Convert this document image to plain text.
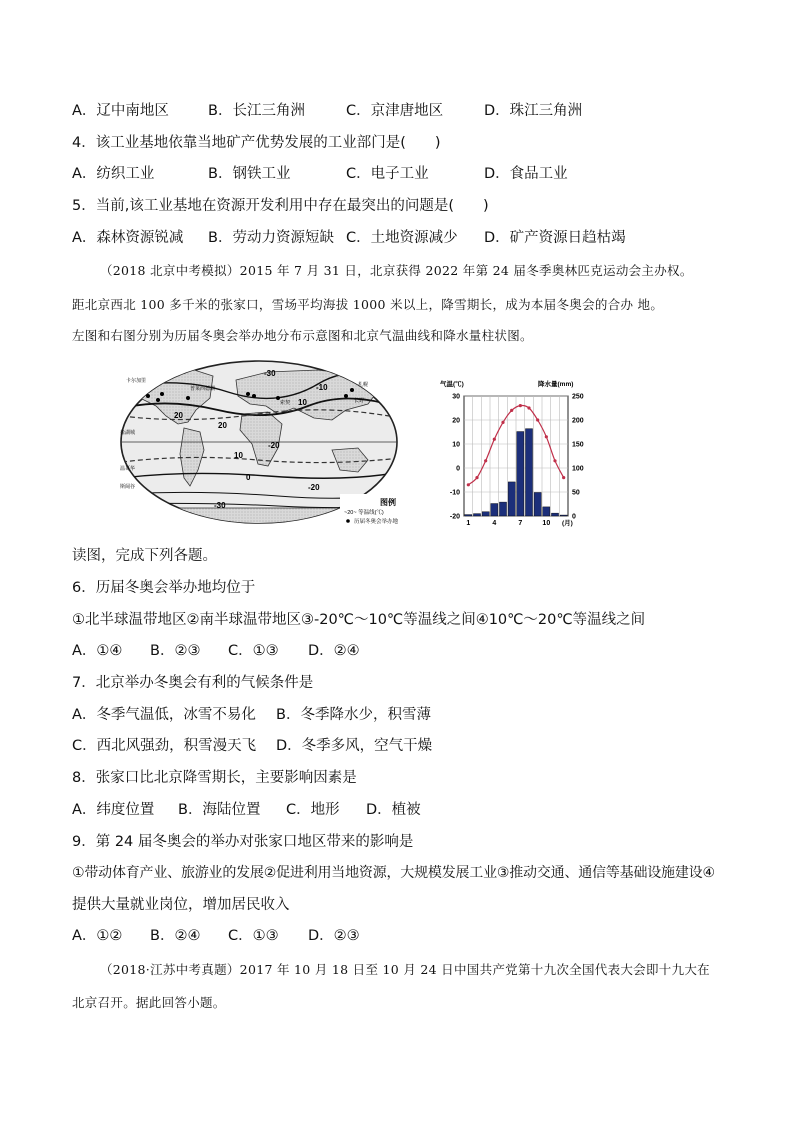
A．辽中南地区	B．长江三角洲	C．京津唐地区	D．珠江三角洲
4．该工业基地依靠当地矿产优势发展的工业部门是(　　)
A．纺织工业	B．钢铁工业	C．电子工业	D．食品工业
5．当前,该工业基地在资源开发利用中存在最突出的问题是(　　)
A．森林资源锐减 B．劳动力资源短缺 C．土地资源减少 D．矿产资源日趋枯竭
（2018 北京中考模拟）2015 年 7 月 31 日，北京获得 2022 年第 24 届冬季奥林匹克运动会主办权。
距北京西北 100 多千米的张家口，雪场平均海拔 1000 米以上，降雪期长，成为本届冬奥会的合办 地。
左图和右图分别为历届冬奥会举办地分布示意图和北京气温曲线和降水量柱状图。
-30
-10
10
20
10
0
-20
-30
-20
20
普莱西德湖
盐湖城
卡尔加里
索契	长野
札幌
温哥华
斯阔谷
图例
~20~ 等温线(℃)
历届冬奥会举办地
气温(℃)	降水量(mm)
30
20
10
0
-10
-20
250
200
150
100
50
0
1	4	7	10 (月)
读图，完成下列各题。
6．历届冬奥会举办地均位于
①北半球温带地区②南半球温带地区③-20℃～10℃等温线之间④10℃～20℃等温线之间
A．①④ B．②③ C．①③ D．②④
7．北京举办冬奥会有利的气候条件是
A．冬季气温低，冰雪不易化 B．冬季降水少，积雪薄
C．西北风强劲，积雪漫天飞 D．冬季多风，空气干燥
8．张家口比北京降雪期长，主要影响因素是
A．纬度位置 B．海陆位置 C．地形 D．植被
9．第 24 届冬奥会的举办对张家口地区带来的影响是
①带动体育产业、旅游业的发展②促进利用当地资源，大规模发展工业③推动交通、通信等基础设施建设④
提供大量就业岗位，增加居民收入
A．①② B．②④ C．①③ D．②③
（2018·江苏中考真题）2017 年 10 月 18 日至 10 月 24 日中国共产党第十九次全国代表大会即十九大在
北京召开。据此回答小题。
